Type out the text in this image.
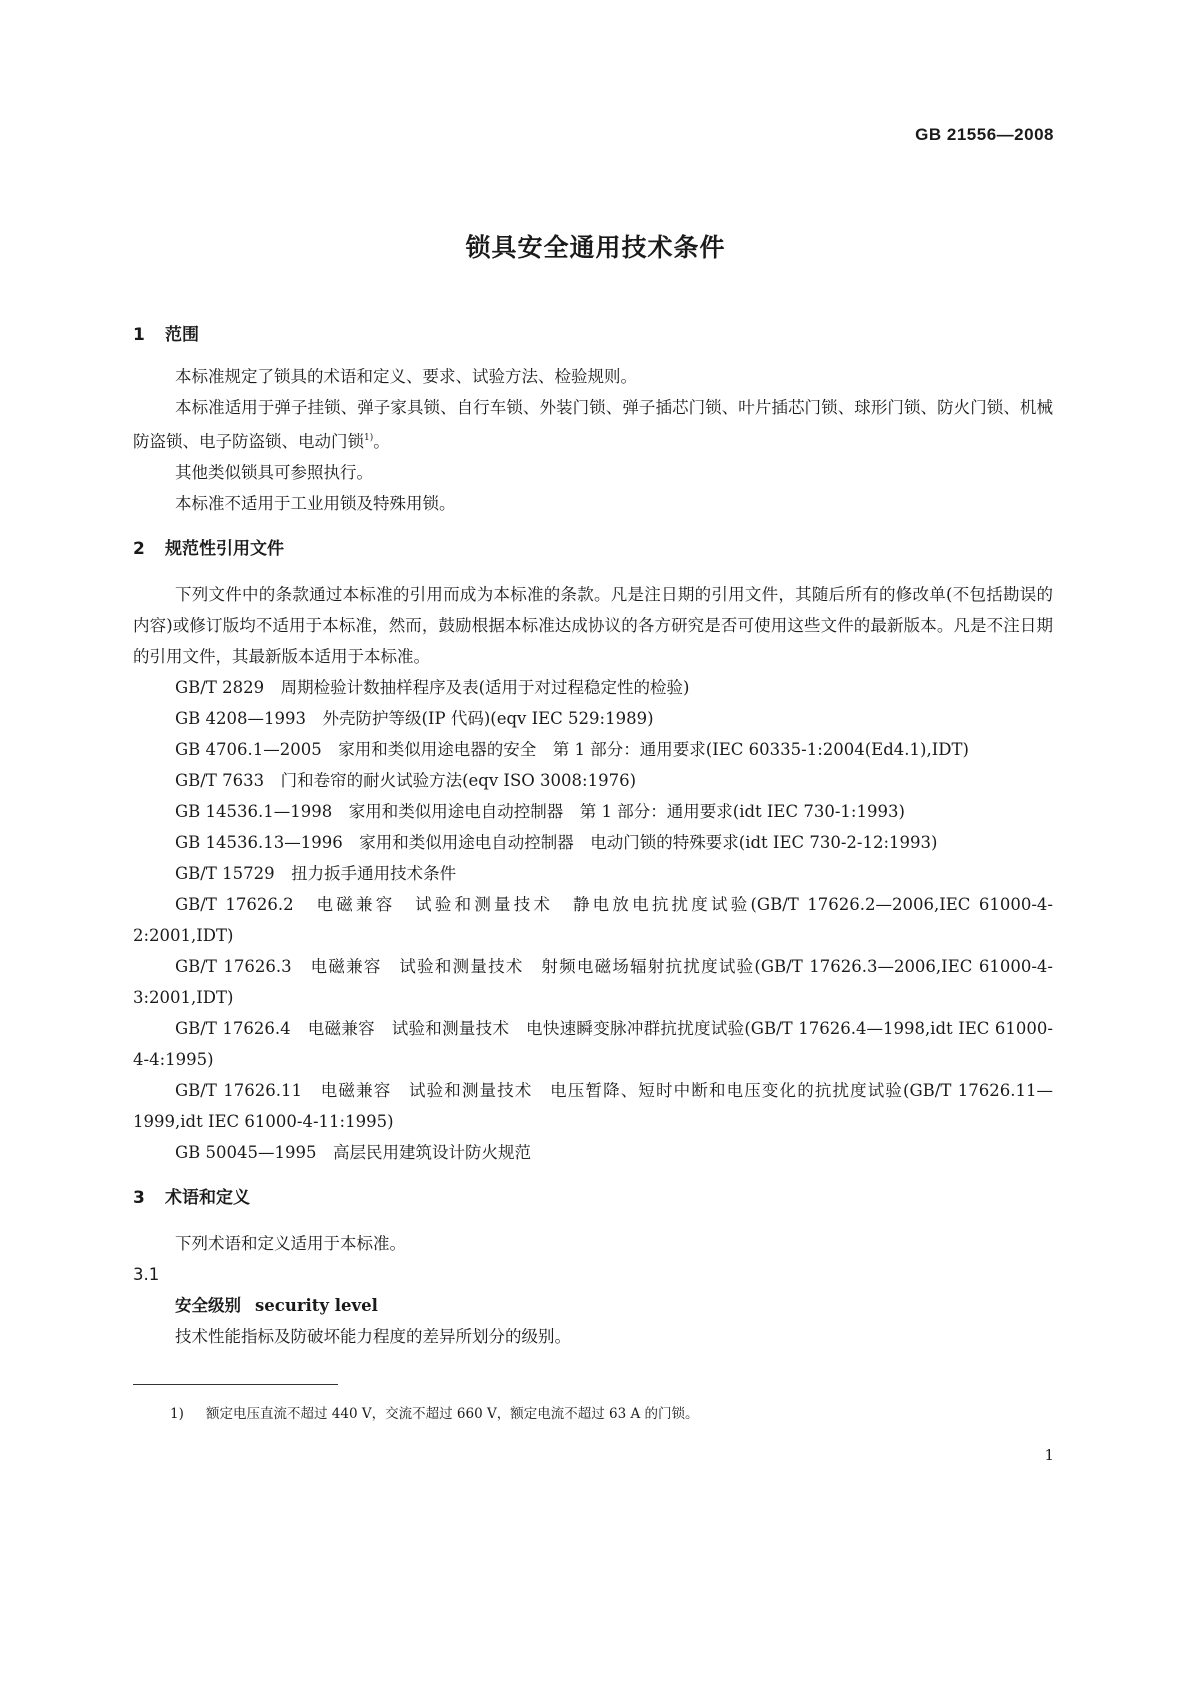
GB 21556—2008
锁具安全通用技术条件
1 范围

本标准规定了锁具的术语和定义、要求、试验方法、检验规则。

本标准适用于弹子挂锁、弹子家具锁、自行车锁、外装门锁、弹子插芯门锁、叶片插芯门锁、球形门锁、防火门锁、机械防盗锁、电子防盗锁、电动门锁$^{1)}$。

其他类似锁具可参照执行。

本标准不适用于工业用锁及特殊用锁。

2 规范性引用文件

下列文件中的条款通过本标准的引用而成为本标准的条款。凡是注日期的引用文件，其随后所有的修改单(不包括勘误的内容)或修订版均不适用于本标准，然而，鼓励根据本标准达成协议的各方研究是否可使用这些文件的最新版本。凡是不注日期的引用文件，其最新版本适用于本标准。

GB/T 2829　周期检验计数抽样程序及表(适用于对过程稳定性的检验)

GB 4208—1993　外壳防护等级(IP 代码)(eqv IEC 529:1989)

GB 4706.1—2005　家用和类似用途电器的安全　第 1 部分：通用要求(IEC 60335-1:2004(Ed4.1),IDT)

GB/T 7633　门和卷帘的耐火试验方法(eqv ISO 3008:1976)

GB 14536.1—1998　家用和类似用途电自动控制器　第 1 部分：通用要求(idt IEC 730-1:1993)

GB 14536.13—1996　家用和类似用途电自动控制器　电动门锁的特殊要求(idt IEC 730-2-12:1993)

GB/T 15729　扭力扳手通用技术条件

GB/T 17626.2　电磁兼容　试验和测量技术　静电放电抗扰度试验(GB/T 17626.2—2006,IEC 61000-4-2:2001,IDT)

GB/T 17626.3　电磁兼容　试验和测量技术　射频电磁场辐射抗扰度试验(GB/T 17626.3—2006,IEC 61000-4-3:2001,IDT)

GB/T 17626.4　电磁兼容　试验和测量技术　电快速瞬变脉冲群抗扰度试验(GB/T 17626.4—1998,idt IEC 61000-4-4:1995)

GB/T 17626.11　电磁兼容　试验和测量技术　电压暂降、短时中断和电压变化的抗扰度试验(GB/T 17626.11—1999,idt IEC 61000-4-11:1995)

GB 50045—1995　高层民用建筑设计防火规范

3 术语和定义

下列术语和定义适用于本标准。

3.1
安全级别 security level

技术性能指标及防破坏能力程度的差异所划分的级别。

1) 额定电压直流不超过 440 V，交流不超过 660 V，额定电流不超过 63 A 的门锁。
1
